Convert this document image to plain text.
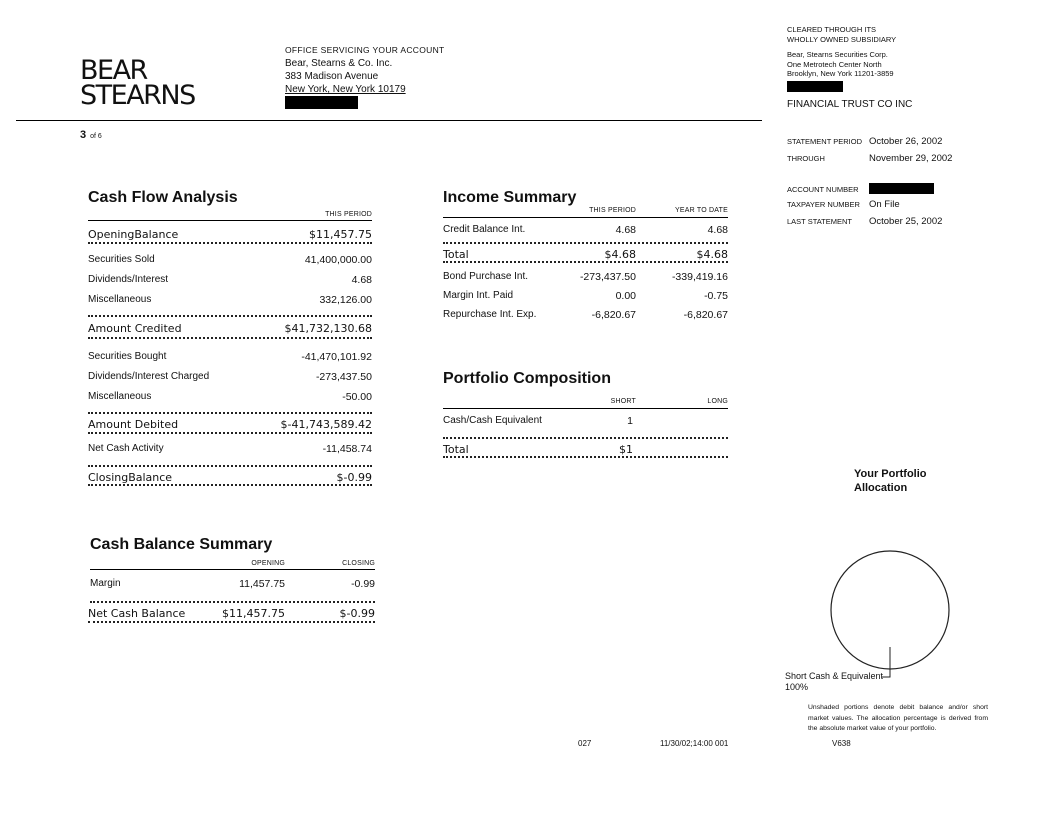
BEAR
STEARNS
OFFICE SERVICING YOUR ACCOUNT
Bear, Stearns & Co. Inc.
383 Madison Avenue
New York, New York 10179
3 of 6
CLEARED THROUGH ITS
WHOLLY OWNED SUBSIDIARY
Bear, Stearns Securities Corp.
One Metrotech Center North
Brooklyn, New York 11201-3859
FINANCIAL TRUST CO INC
STATEMENT PERIOD October 26, 2002
THROUGH	November 29, 2002
ACCOUNT NUMBER
TAXPAYER NUMBER On File
LAST STATEMENT October 25, 2002
Cash Flow Analysis
THIS PERIOD
OpeningBalance	$11,457.75
Securities Sold	41,400,000.00
Dividends/Interest	4.68
Miscellaneous	332,126.00
Amount Credited	$41,732,130.68
Securities Bought	-41,470,101.92
Dividends/Interest Charged	-273,437.50
Miscellaneous	-50.00
Amount Debited	$-41,743,589.42
Net Cash Activity	-11,458.74
ClosingBalance	$-0.99
Income Summary
THIS PERIOD	YEAR TO DATE
Credit Balance Int.	4.68	4.68
Total	$4.68	$4.68
Bond Purchase Int.	-273,437.50	-339,419.16
Margin Int. Paid	0.00	-0.75
Repurchase Int. Exp.	-6,820.67	-6,820.67
Portfolio Composition
SHORT	LONG
Cash/Cash Equivalent	1
Total	$1
Your Portfolio
Allocation
Short Cash & Equivalent
100%
Unshaded portions denote debit balance and/or short market values. The allocation percentage is derived from the absolute market value of your portfolio.
Cash Balance Summary
OPENING	CLOSING
Margin	11,457.75	-0.99
Net Cash Balance	$11,457.75	$-0.99
027	11/30/02;14:00 001	V638
